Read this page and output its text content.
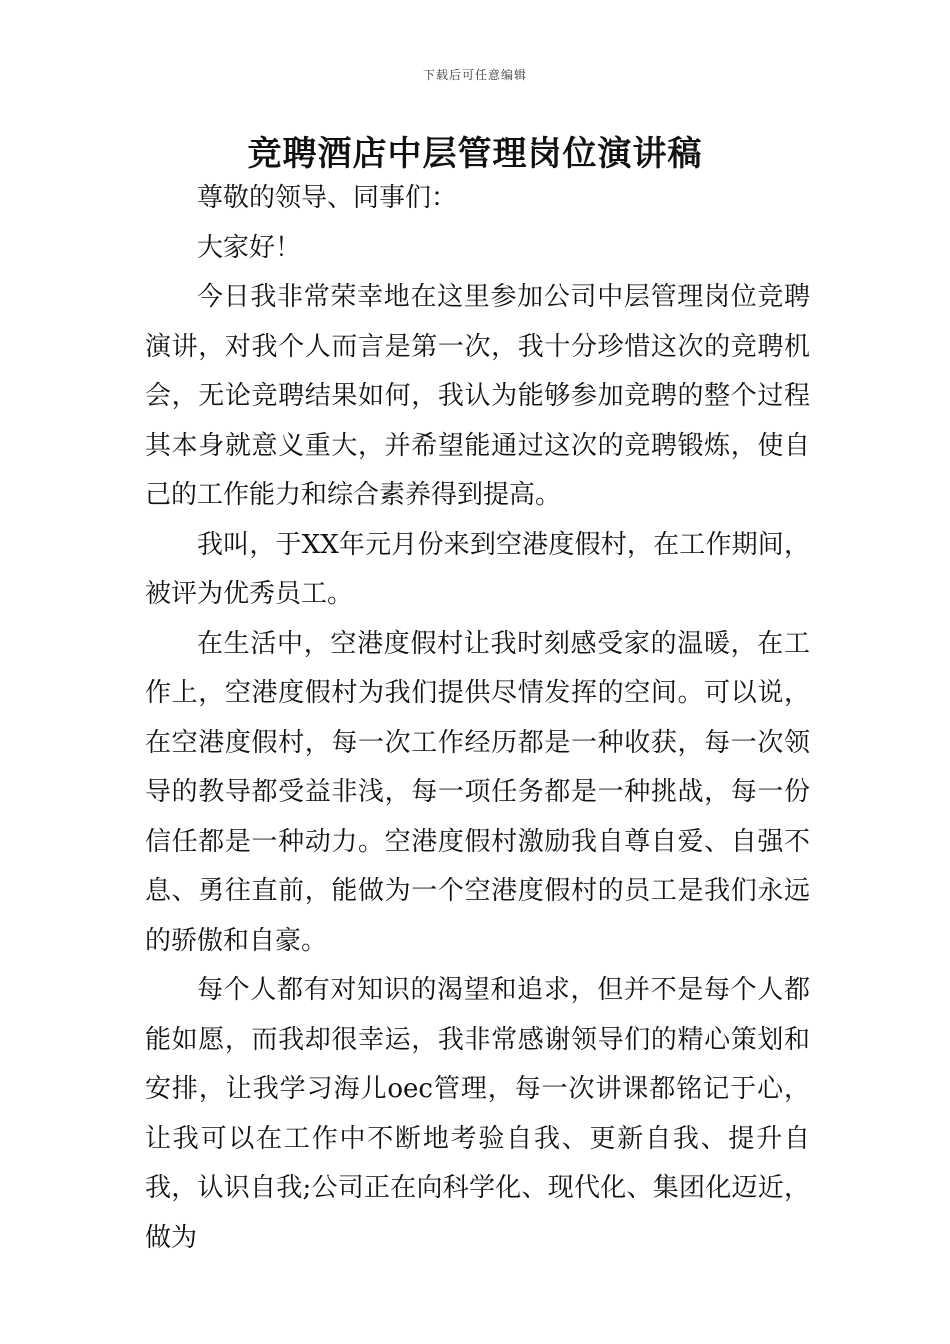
下载后可任意编辑
竞聘酒店中层管理岗位演讲稿

尊敬的领导、同事们：

大家好！

今日我非常荣幸地在这里参加公司中层管理岗位竞聘演讲，对我个人而言是第一次，我十分珍惜这次的竞聘机会，无论竞聘结果如何，我认为能够参加竞聘的整个过程其本身就意义重大，并希望能通过这次的竞聘锻炼，使自己的工作能力和综合素养得到提高。

我叫，于XX年元月份来到空港度假村，在工作期间，被评为优秀员工。

在生活中，空港度假村让我时刻感受家的温暖，在工作上，空港度假村为我们提供尽情发挥的空间。可以说，在空港度假村，每一次工作经历都是一种收获，每一次领导的教导都受益非浅，每一项任务都是一种挑战，每一份信任都是一种动力。空港度假村激励我自尊自爱、自强不息、勇往直前，能做为一个空港度假村的员工是我们永远的骄傲和自豪。

每个人都有对知识的渴望和追求，但并不是每个人都能如愿，而我却很幸运，我非常感谢领导们的精心策划和安排，让我学习海儿oec管理，每一次讲课都铭记于心，让我可以在工作中不断地考验自我、更新自我、提升自我，认识自我;公司正在向科学化、现代化、集团化迈近，做为
